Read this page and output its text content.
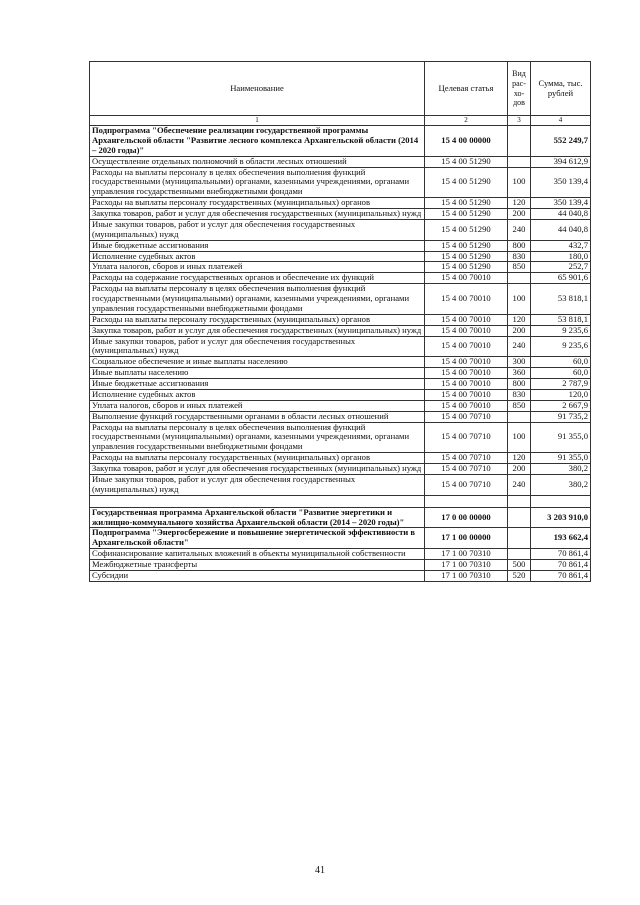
Наименование	Целевая статья	Вид рас-хо-дов	Сумма, тыс. рублей
1	2	3	4
Подпрограмма "Обеспечение реализации государственной программы Архангельской области "Развитие лесного комплекса Архангельской области (2014 – 2020 годы)"	15 4 00 00000		552 249,7
Осуществление отдельных полномочий в области лесных отношений	15 4 00 51290		394 612,9
Расходы на выплаты персоналу в целях обеспечения выполнения функций государственными (муниципальными) органами, казенными учреждениями, органами управления государственными внебюджетными фондами	15 4 00 51290	100	350 139,4
Расходы на выплаты персоналу государственных (муниципальных) органов	15 4 00 51290	120	350 139,4
Закупка товаров, работ и услуг для обеспечения государственных (муниципальных) нужд	15 4 00 51290	200	44 040,8
Иные закупки товаров, работ и услуг для обеспечения государственных (муниципальных) нужд	15 4 00 51290	240	44 040,8
Иные бюджетные ассигнования	15 4 00 51290	800	432,7
Исполнение судебных актов	15 4 00 51290	830	180,0
Уплата налогов, сборов и иных платежей	15 4 00 51290	850	252,7
Расходы на содержание государственных органов и обеспечение их функций	15 4 00 70010		65 901,6
Расходы на выплаты персоналу в целях обеспечения выполнения функций государственными (муниципальными) органами, казенными учреждениями, органами управления государственными внебюджетными фондами	15 4 00 70010	100	53 818,1
Расходы на выплаты персоналу государственных (муниципальных) органов	15 4 00 70010	120	53 818,1
Закупка товаров, работ и услуг для обеспечения государственных (муниципальных) нужд	15 4 00 70010	200	9 235,6
Иные закупки товаров, работ и услуг для обеспечения государственных (муниципальных) нужд	15 4 00 70010	240	9 235,6
Социальное обеспечение и иные выплаты населению	15 4 00 70010	300	60,0
Иные выплаты населению	15 4 00 70010	360	60,0
Иные бюджетные ассигнования	15 4 00 70010	800	2 787,9
Исполнение судебных актов	15 4 00 70010	830	120,0
Уплата налогов, сборов и иных платежей	15 4 00 70010	850	2 667,9
Выполнение функций государственными органами в области лесных отношений	15 4 00 70710		91 735,2
Расходы на выплаты персоналу в целях обеспечения выполнения функций государственными (муниципальными) органами, казенными учреждениями, органами управления государственными внебюджетными фондами	15 4 00 70710	100	91 355,0
Расходы на выплаты персоналу государственных (муниципальных) органов	15 4 00 70710	120	91 355,0
Закупка товаров, работ и услуг для обеспечения государственных (муниципальных) нужд	15 4 00 70710	200	380,2
Иные закупки товаров, работ и услуг для обеспечения государственных (муниципальных) нужд	15 4 00 70710	240	380,2

Государственная программа Архангельской области "Развитие энергетики и жилищно-коммунального хозяйства Архангельской области (2014 – 2020 годы)"	17 0 00 00000		3 203 910,0
Подпрограмма "Энергосбережение и повышение энергетической эффективности в Архангельской области"	17 1 00 00000		193 662,4
Софинансирование капитальных вложений в объекты муниципальной собственности	17 1 00 70310		70 861,4
Межбюджетные трансферты	17 1 00 70310	500	70 861,4
Субсидии	17 1 00 70310	520	70 861,4
41
